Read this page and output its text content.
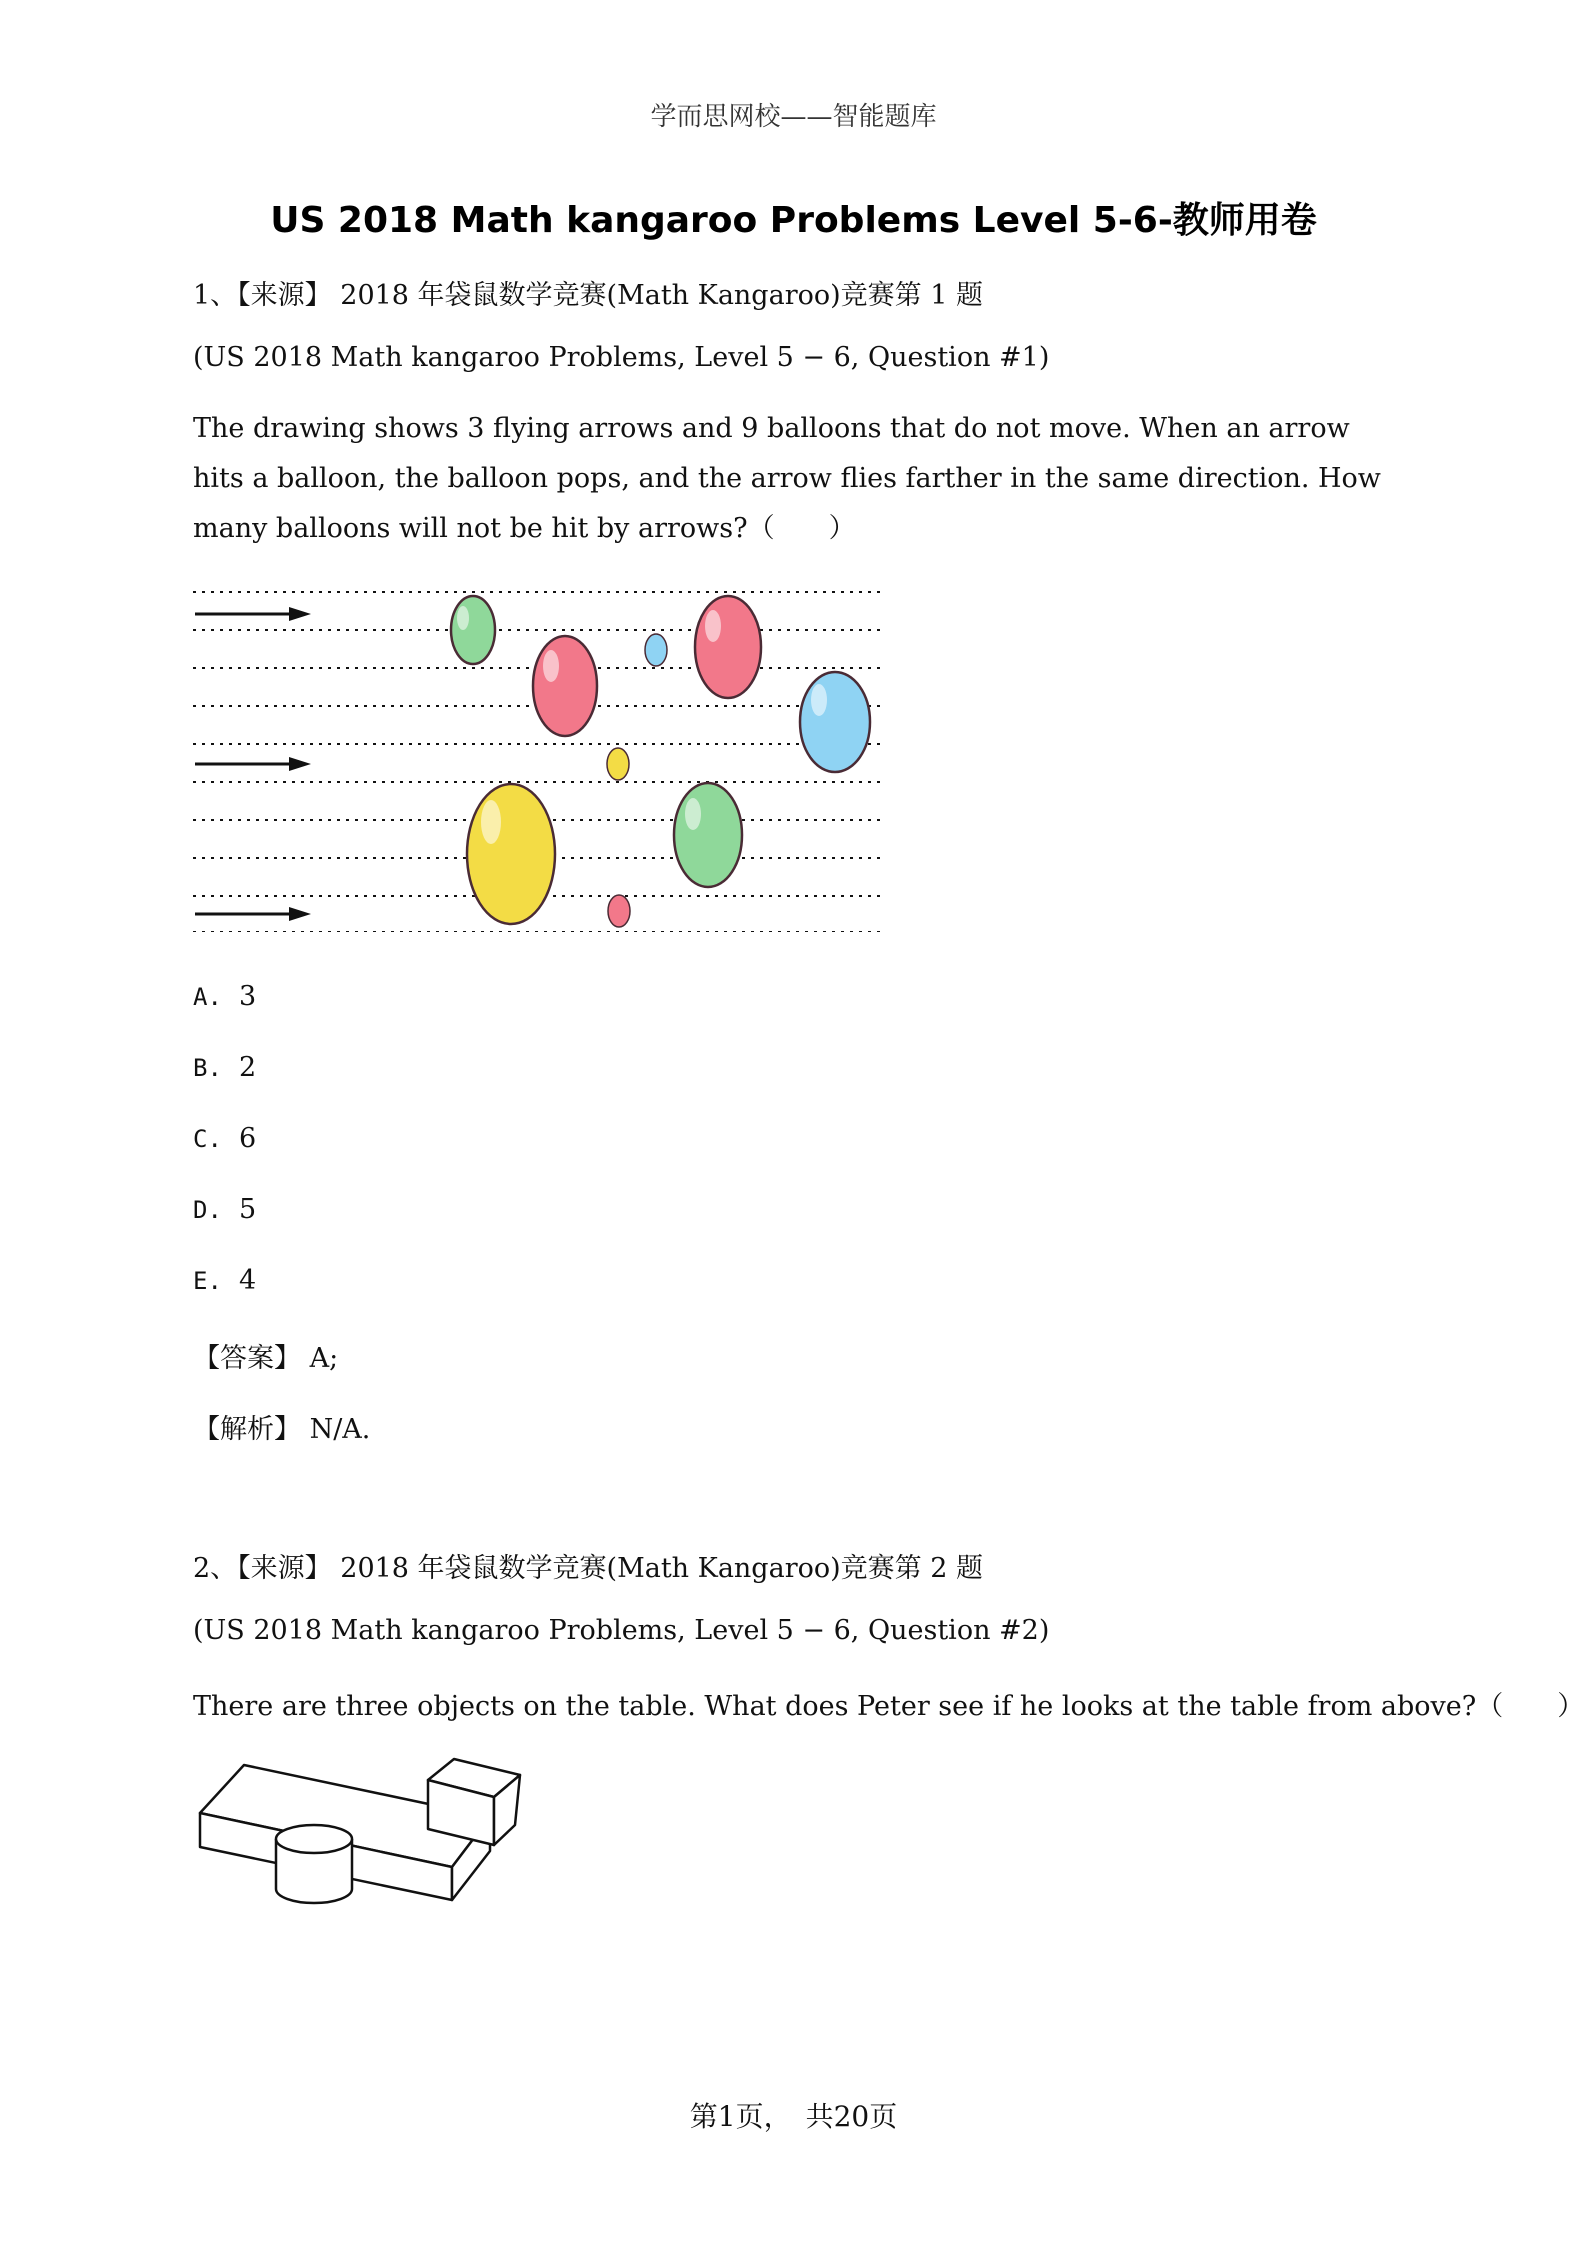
学而思网校——智能题库
US 2018 Math kangaroo Problems Level 5-6-教师用卷
1、【来源】 2018 年袋鼠数学竞赛(Math Kangaroo)竞赛第 1 题
(US 2018 Math kangaroo Problems, Level 5 − 6, Question #1)
The drawing shows 3 flying arrows and 9 balloons that do not move. When an arrow hits a balloon, the balloon pops, and the arrow flies farther in the same direction. How many balloons will not be hit by arrows?（　　）
A. 3
B. 2
C. 6
D. 5
E. 4
【答案】 A;
【解析】 N/A.
2、【来源】 2018 年袋鼠数学竞赛(Math Kangaroo)竞赛第 2 题
(US 2018 Math kangaroo Problems, Level 5 − 6, Question #2)
There are three objects on the table. What does Peter see if he looks at the table from above?（　　）
第1页，　共20页
